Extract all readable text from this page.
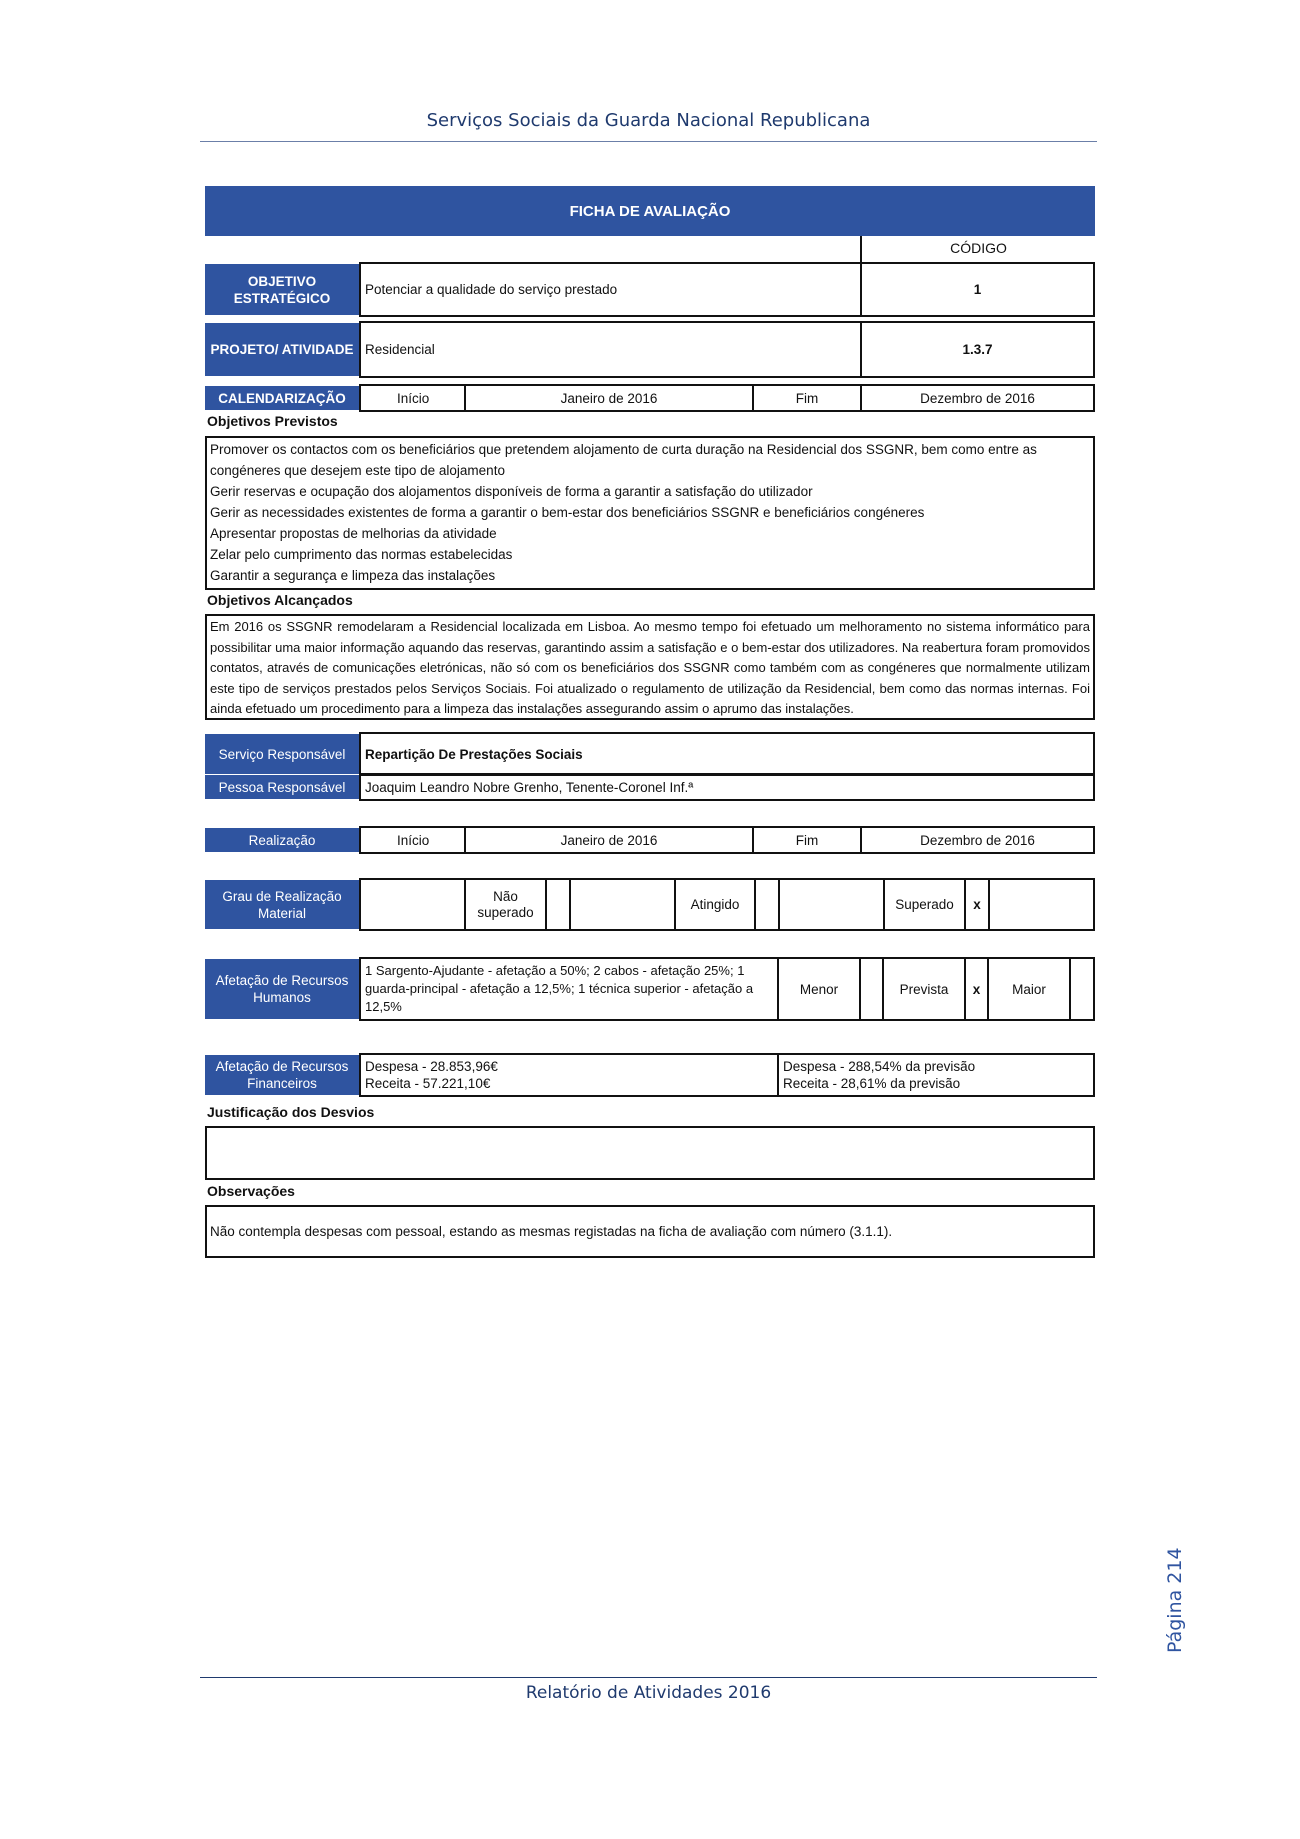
Serviços Sociais da Guarda Nacional Republicana
FICHA DE AVALIAÇÃO
CÓDIGO
OBJETIVO ESTRATÉGICO
Potenciar a qualidade do serviço prestado	1
PROJETO/ ATIVIDADE Residencial	1.3.7
CALENDARIZAÇÃO	Início	Janeiro de 2016	Fim	Dezembro de 2016
Objetivos Previstos
Promover os contactos com os beneficiários que pretendem alojamento de curta duração na Residencial dos SSGNR, bem como entre as
congéneres que desejem este tipo de alojamento
Gerir reservas e ocupação dos alojamentos disponíveis de forma a garantir a satisfação do utilizador
Gerir as necessidades existentes de forma a garantir o bem-estar dos beneficiários SSGNR e beneficiários congéneres
Apresentar propostas de melhorias da atividade
Zelar pelo cumprimento das normas estabelecidas
Garantir a segurança e limpeza das instalações
Objetivos Alcançados
Em 2016 os SSGNR remodelaram a Residencial localizada em Lisboa. Ao mesmo tempo foi efetuado um melhoramento no sistema informático para possibilitar uma maior informação aquando das reservas, garantindo assim a satisfação e o bem-estar dos utilizadores. Na reabertura foram promovidos contatos, através de comunicações eletrónicas, não só com os beneficiários dos SSGNR como também com as congéneres que normalmente utilizam este tipo de serviços prestados pelos Serviços Sociais. Foi atualizado o regulamento de utilização da Residencial, bem como das normas internas. Foi ainda efetuado um procedimento para a limpeza das instalações assegurando assim o aprumo das instalações.
Serviço Responsável	Repartição De Prestações Sociais
Pessoa Responsável	Joaquim Leandro Nobre Grenho, Tenente-Coronel Inf.ª
Realização	Início	Janeiro de 2016	Fim	Dezembro de 2016
Grau de Realização Material
Não superado	Atingido	Superado	x
Afetação de Recursos Humanos
1 Sargento-Ajudante - afetação a 50%; 2 cabos - afetação 25%; 1 guarda-principal - afetação a 12,5%; 1 técnica superior - afetação a 12,5%
Menor	Prevista	x	Maior
Afetação de Recursos Financeiros
Despesa - 28.853,96€
Receita - 57.221,10€
Despesa - 288,54% da previsão
Receita - 28,61% da previsão
Justificação dos Desvios
Observações
Não contempla despesas com pessoal, estando as mesmas registadas na ficha de avaliação com número (3.1.1).
Página 214
Relatório de Atividades 2016
